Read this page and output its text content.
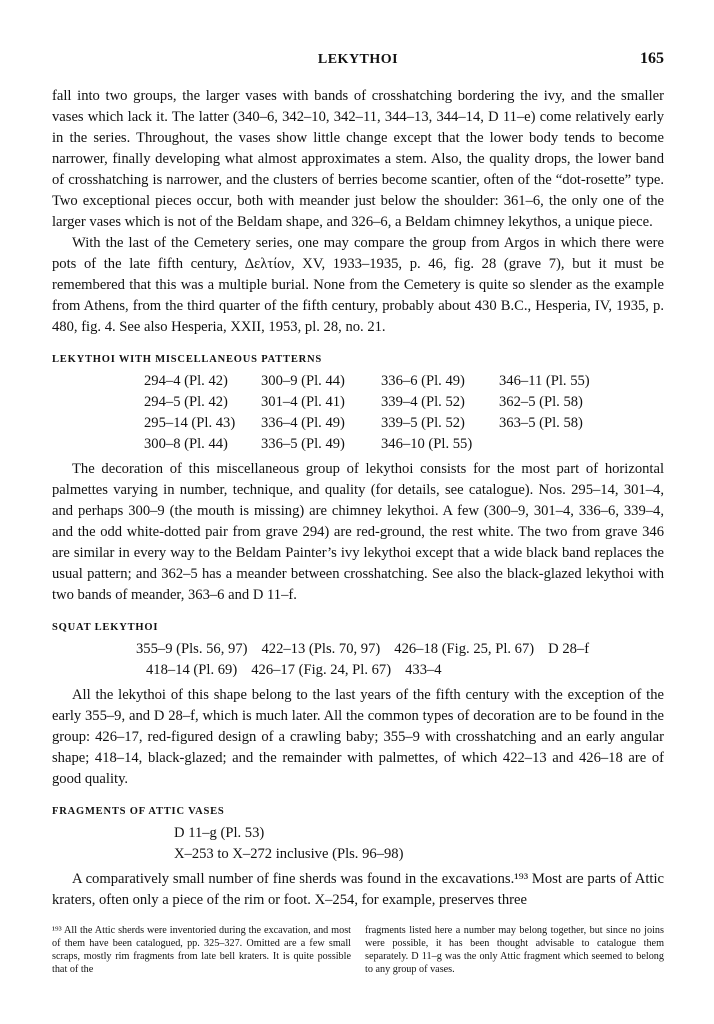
LEKYTHOI	165

fall into two groups, the larger vases with bands of crosshatching bordering the ivy, and the smaller vases which lack it. The latter (340–6, 342–10, 342–11, 344–13, 344–14, D 11–e) come relatively early in the series. Throughout, the vases show little change except that the lower body tends to become narrower, finally developing what almost approximates a stem. Also, the quality drops, the lower band of crosshatching is narrower, and the clusters of berries become scantier, often of the “dot-rosette” type. Two exceptional pieces occur, both with meander just below the shoulder: 361–6, the only one of the larger vases which is not of the Beldam shape, and 326–6, a Beldam chimney lekythos, a unique piece.

With the last of the Cemetery series, one may compare the group from Argos in which there were pots of the late fifth century, Δελτίον, XV, 1933–1935, p. 46, fig. 28 (grave 7), but it must be remembered that this was a multiple burial. None from the Cemetery is quite so slender as the example from Athens, from the third quarter of the fifth century, probably about 430 B.C., Hesperia, IV, 1935, p. 480, fig. 4. See also Hesperia, XXII, 1953, pl. 28, no. 21.

LEKYTHOI WITH MISCELLANEOUS PATTERNS

294–4 (Pl. 42)	300–9 (Pl. 44)	336–6 (Pl. 49)	346–11 (Pl. 55)
294–5 (Pl. 42)	301–4 (Pl. 41)	339–4 (Pl. 52)	362–5 (Pl. 58)
295–14 (Pl. 43)	336–4 (Pl. 49)	339–5 (Pl. 52)	363–5 (Pl. 58)
300–8 (Pl. 44)	336–5 (Pl. 49)	346–10 (Pl. 55)

The decoration of this miscellaneous group of lekythoi consists for the most part of horizontal palmettes varying in number, technique, and quality (for details, see catalogue). Nos. 295–14, 301–4, and perhaps 300–9 (the mouth is missing) are chimney lekythoi. A few (300–9, 301–4, 336–6, 339–4, and the odd white-dotted pair from grave 294) are red-ground, the rest white. The two from grave 346 are similar in every way to the Beldam Painter’s ivy lekythoi except that a wide black band replaces the usual pattern; and 362–5 has a meander between crosshatching. See also the black-glazed lekythoi with two bands of meander, 363–6 and D 11–f.

SQUAT LEKYTHOI

355–9 (Pls. 56, 97) 422–13 (Pls. 70, 97) 426–18 (Fig. 25, Pl. 67) D 28–f
418–14 (Pl. 69) 426–17 (Fig. 24, Pl. 67) 433–4

All the lekythoi of this shape belong to the last years of the fifth century with the exception of the early 355–9, and D 28–f, which is much later. All the common types of decoration are to be found in the group: 426–17, red-figured design of a crawling baby; 355–9 with crosshatching and an early angular shape; 418–14, black-glazed; and the remainder with palmettes, of which 422–13 and 426–18 are of good quality.

FRAGMENTS OF ATTIC VASES

D 11–g (Pl. 53)
X–253 to X–272 inclusive (Pls. 96–98)

A comparatively small number of fine sherds was found in the excavations.¹⁹³ Most are parts of Attic kraters, often only a piece of the rim or foot. X–254, for example, preserves three

¹⁹³ All the Attic sherds were inventoried during the excavation, and most of them have been catalogued, pp. 325–327. Omitted are a few small scraps, mostly rim fragments from late bell kraters. It is quite possible that of the
fragments listed here a number may belong together, but since no joins were possible, it has been thought advisable to catalogue them separately. D 11–g was the only Attic fragment which seemed to belong to any group of vases.
